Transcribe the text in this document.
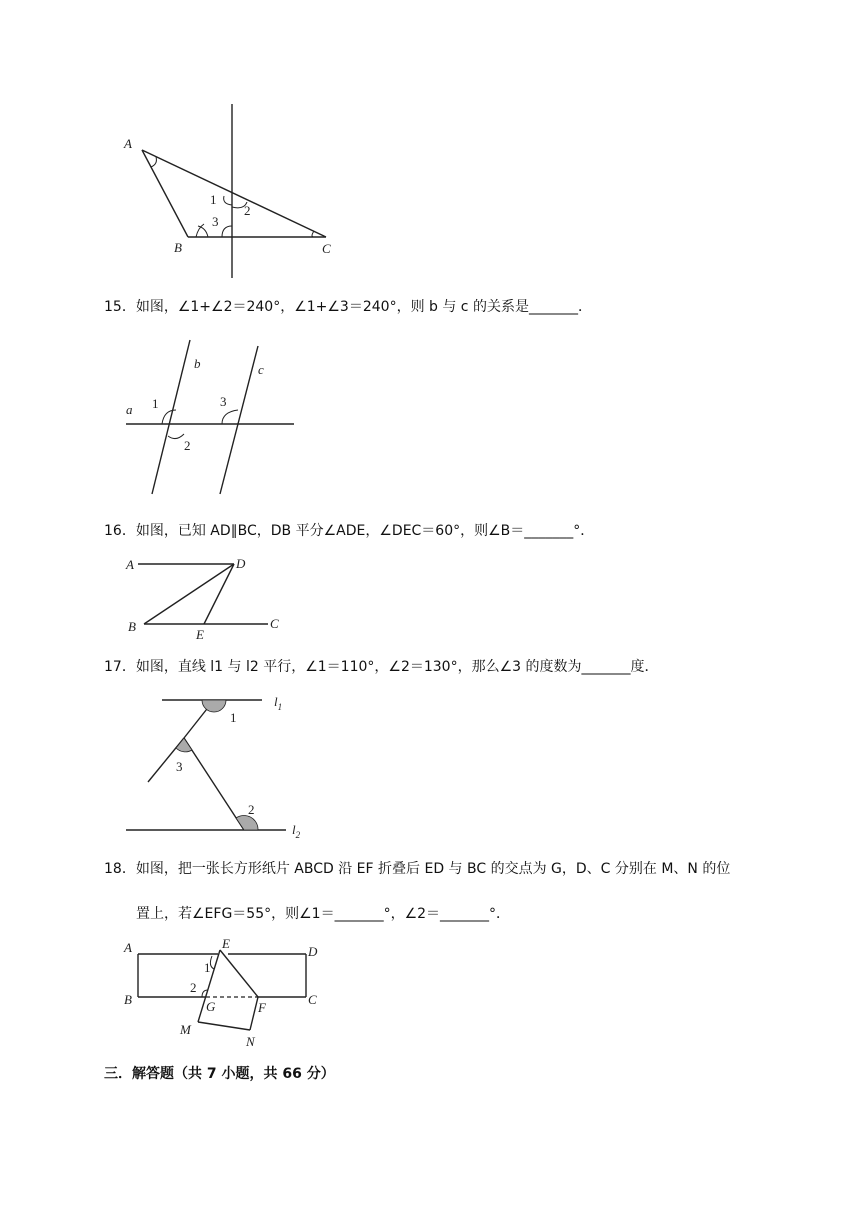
A
B	C
1
2
3
15．如图，∠1+∠2＝240°，∠1+∠3＝240°，则 b 与 c 的关系是_______．
a
b	c
1
2
3
16．如图，已知 AD∥BC，DB 平分∠ADE，∠DEC＝60°，则∠B＝_______°．
A
B	C
D
E
17．如图，直线 l1 与 l2 平行，∠1＝110°，∠2＝130°，那么∠3 的度数为_______度．
$l_1$
$l_2$
1
2
3
18．如图，把一张长方形纸片 ABCD 沿 EF 折叠后 ED 与 BC 的交点为 G，D、C 分别在 M、N 的位
置上，若∠EFG＝55°，则∠1＝_______°，∠2＝_______°．
A
B	C
D
E
F
G
M
N
1
2
三．解答题（共 7 小题，共 66 分）
